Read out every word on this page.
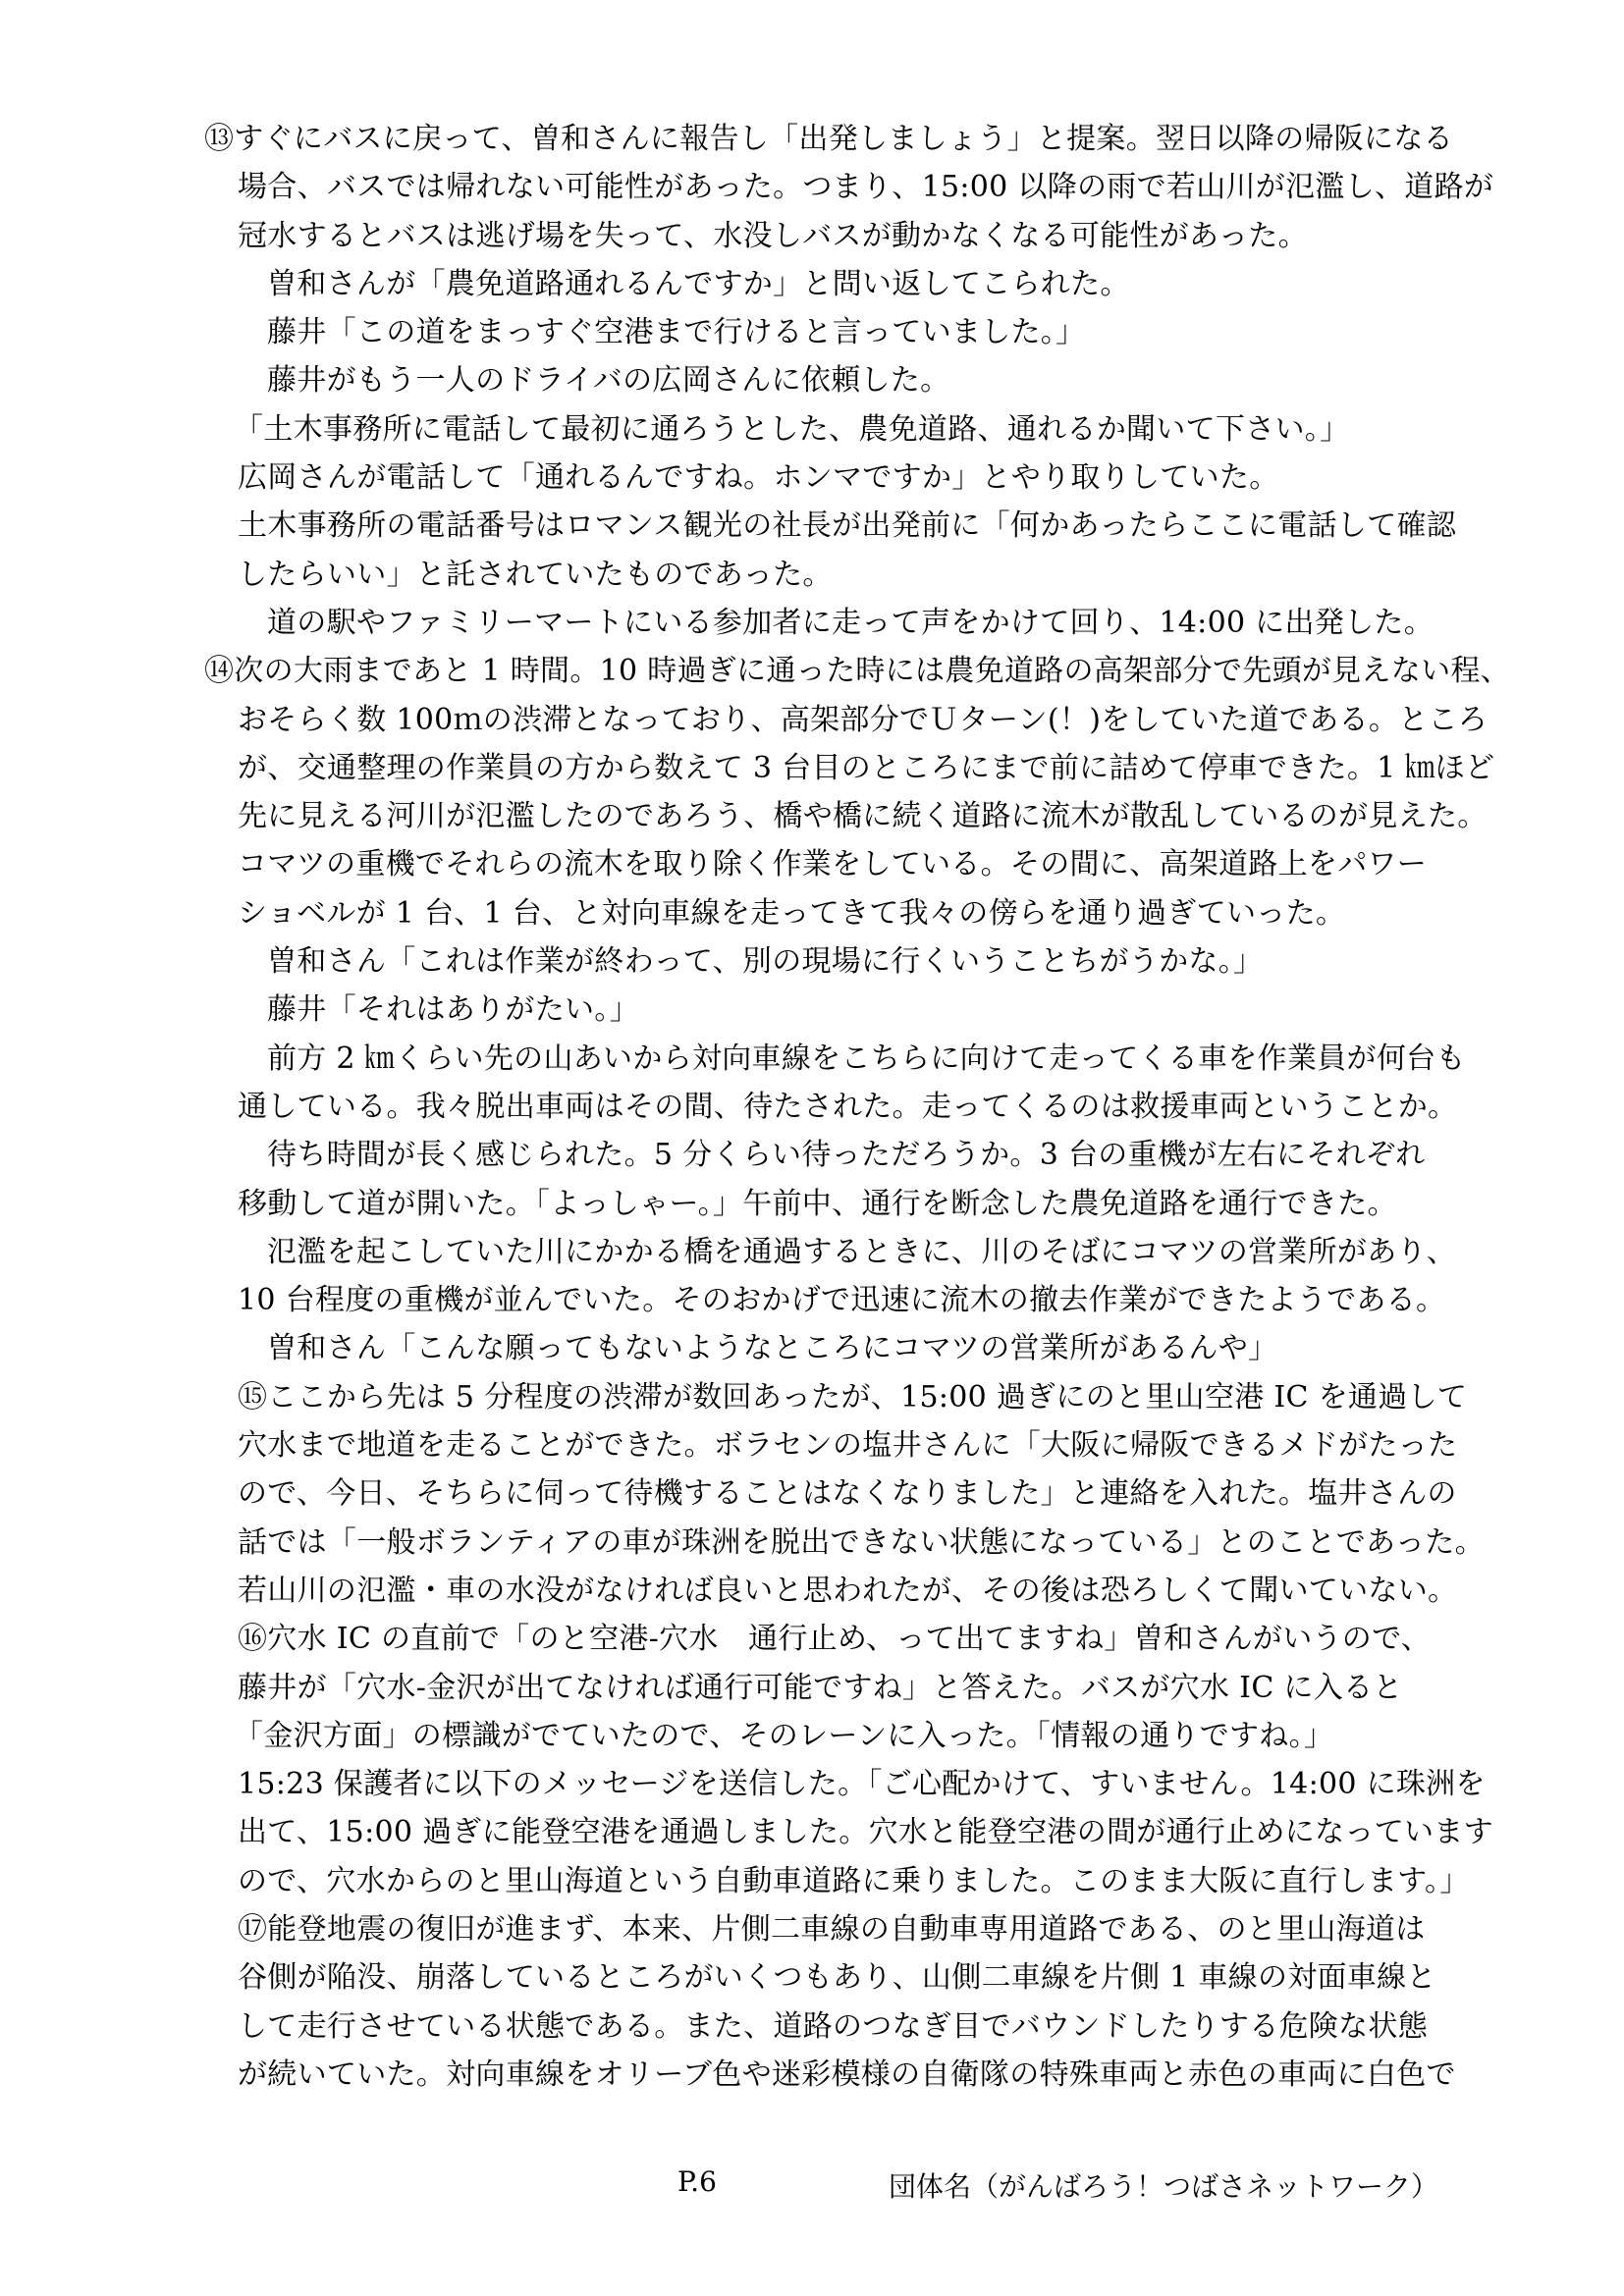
⑬すぐにバスに戻って、曽和さんに報告し「出発しましょう」と提案。翌日以降の帰阪になる
場合、バスでは帰れない可能性があった。つまり、15:00 以降の雨で若山川が氾濫し、道路が
冠水するとバスは逃げ場を失って、水没しバスが動かなくなる可能性があった。
曽和さんが「農免道路通れるんですか」と問い返してこられた。
藤井「この道をまっすぐ空港まで行けると言っていました。」
藤井がもう一人のドライバの広岡さんに依頼した。
「土木事務所に電話して最初に通ろうとした、農免道路、通れるか聞いて下さい。」
広岡さんが電話して「通れるんですね。ホンマですか」とやり取りしていた。
土木事務所の電話番号はロマンス観光の社長が出発前に「何かあったらここに電話して確認
したらいい」と託されていたものであった。
道の駅やファミリーマートにいる参加者に走って声をかけて回り、14:00 に出発した。
⑭次の大雨まであと 1 時間。10 時過ぎに通った時には農免道路の高架部分で先頭が見えない程、
おそらく数 100ｍの渋滞となっており、高架部分でＵターン(！)をしていた道である。ところ
が、交通整理の作業員の方から数えて 3 台目のところにまで前に詰めて停車できた。1 ㎞ほど
先に見える河川が氾濫したのであろう、橋や橋に続く道路に流木が散乱しているのが見えた。
コマツの重機でそれらの流木を取り除く作業をしている。その間に、高架道路上をパワー
ショベルが 1 台、1 台、と対向車線を走ってきて我々の傍らを通り過ぎていった。
曽和さん「これは作業が終わって、別の現場に行くいうことちがうかな。」
藤井「それはありがたい。」
前方 2 ㎞くらい先の山あいから対向車線をこちらに向けて走ってくる車を作業員が何台も
通している。我々脱出車両はその間、待たされた。走ってくるのは救援車両ということか。
待ち時間が長く感じられた。5 分くらい待っただろうか。3 台の重機が左右にそれぞれ
移動して道が開いた。「よっしゃー。」午前中、通行を断念した農免道路を通行できた。
氾濫を起こしていた川にかかる橋を通過するときに、川のそばにコマツの営業所があり、
10 台程度の重機が並んでいた。そのおかげで迅速に流木の撤去作業ができたようである。
曽和さん「こんな願ってもないようなところにコマツの営業所があるんや」
⑮ここから先は 5 分程度の渋滞が数回あったが、15:00 過ぎにのと里山空港 IC を通過して
穴水まで地道を走ることができた。ボラセンの塩井さんに「大阪に帰阪できるメドがたった
ので、今日、そちらに伺って待機することはなくなりました」と連絡を入れた。塩井さんの
話では「一般ボランティアの車が珠洲を脱出できない状態になっている」とのことであった。
若山川の氾濫・車の水没がなければ良いと思われたが、その後は恐ろしくて聞いていない。
⑯穴水 IC の直前で「のと空港-穴水　通行止め、って出てますね」曽和さんがいうので、
藤井が「穴水-金沢が出てなければ通行可能ですね」と答えた。バスが穴水 IC に入ると
「金沢方面」の標識がでていたので、そのレーンに入った。「情報の通りですね。」
15:23 保護者に以下のメッセージを送信した。「ご心配かけて、すいません。14:00 に珠洲を
出て、15:00 過ぎに能登空港を通過しました。穴水と能登空港の間が通行止めになっています
ので、穴水からのと里山海道という自動車道路に乗りました。このまま大阪に直行します。」
⑰能登地震の復旧が進まず、本来、片側二車線の自動車専用道路である、のと里山海道は
谷側が陥没、崩落しているところがいくつもあり、山側二車線を片側 1 車線の対面車線と
して走行させている状態である。また、道路のつなぎ目でバウンドしたりする危険な状態
が続いていた。対向車線をオリーブ色や迷彩模様の自衛隊の特殊車両と赤色の車両に白色で
P.6	団体名（がんばろう！つばさネットワーク）
